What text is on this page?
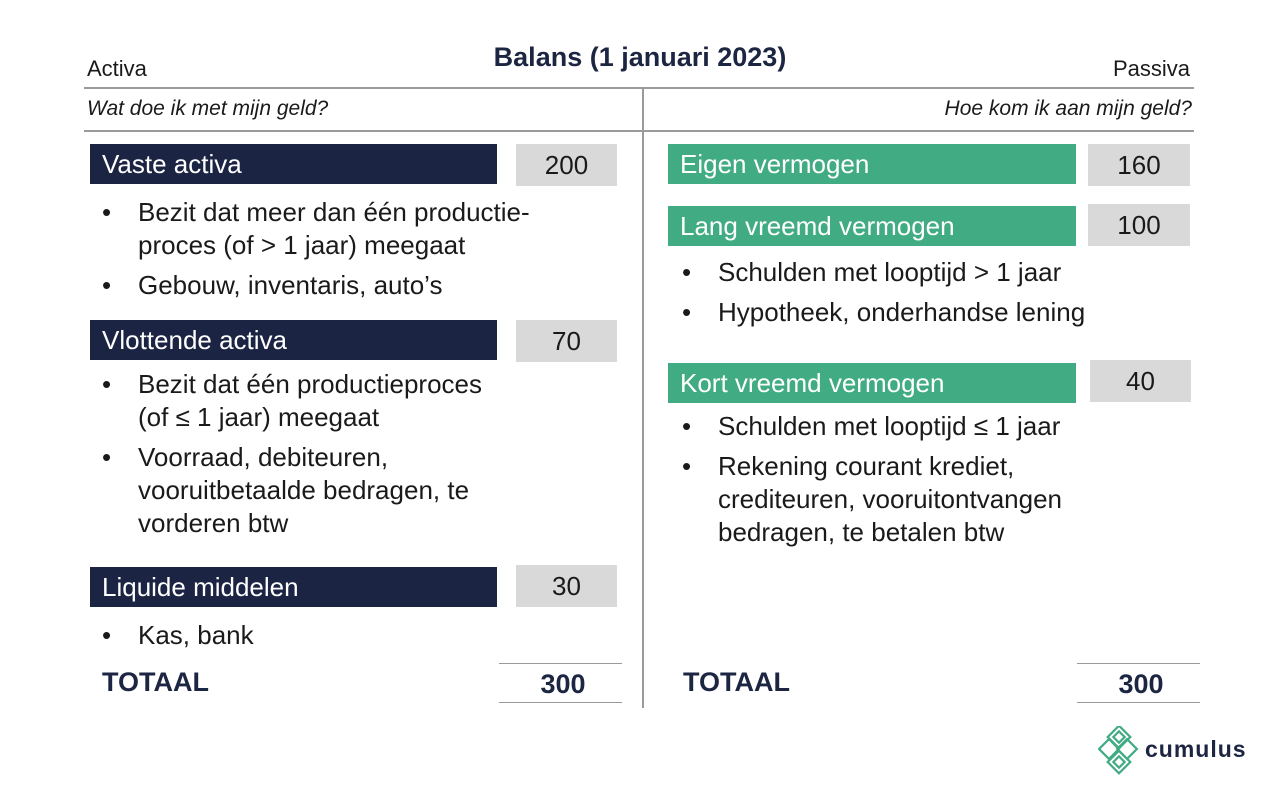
Balans (1 januari 2023)
Activa	Passiva
Wat doe ik met mijn geld?	Hoe kom ik aan mijn geld?
Vaste activa	200
• Bezit dat meer dan één productie-
proces (of > 1 jaar) meegaat
• Gebouw, inventaris, auto’s
Vlottende activa	70
• Bezit dat één productieproces
(of ≤ 1 jaar) meegaat
• Voorraad, debiteuren,
vooruitbetaalde bedragen, te
vorderen btw
Liquide middelen	30
• Kas, bank
TOTAAL	300
Eigen vermogen	160
Lang vreemd vermogen	100
• Schulden met looptijd > 1 jaar
• Hypotheek, onderhandse lening
Kort vreemd vermogen	40
• Schulden met looptijd ≤ 1 jaar
• Rekening courant krediet,
crediteuren, vooruitontvangen
bedragen, te betalen btw
TOTAAL	300
cumulus
